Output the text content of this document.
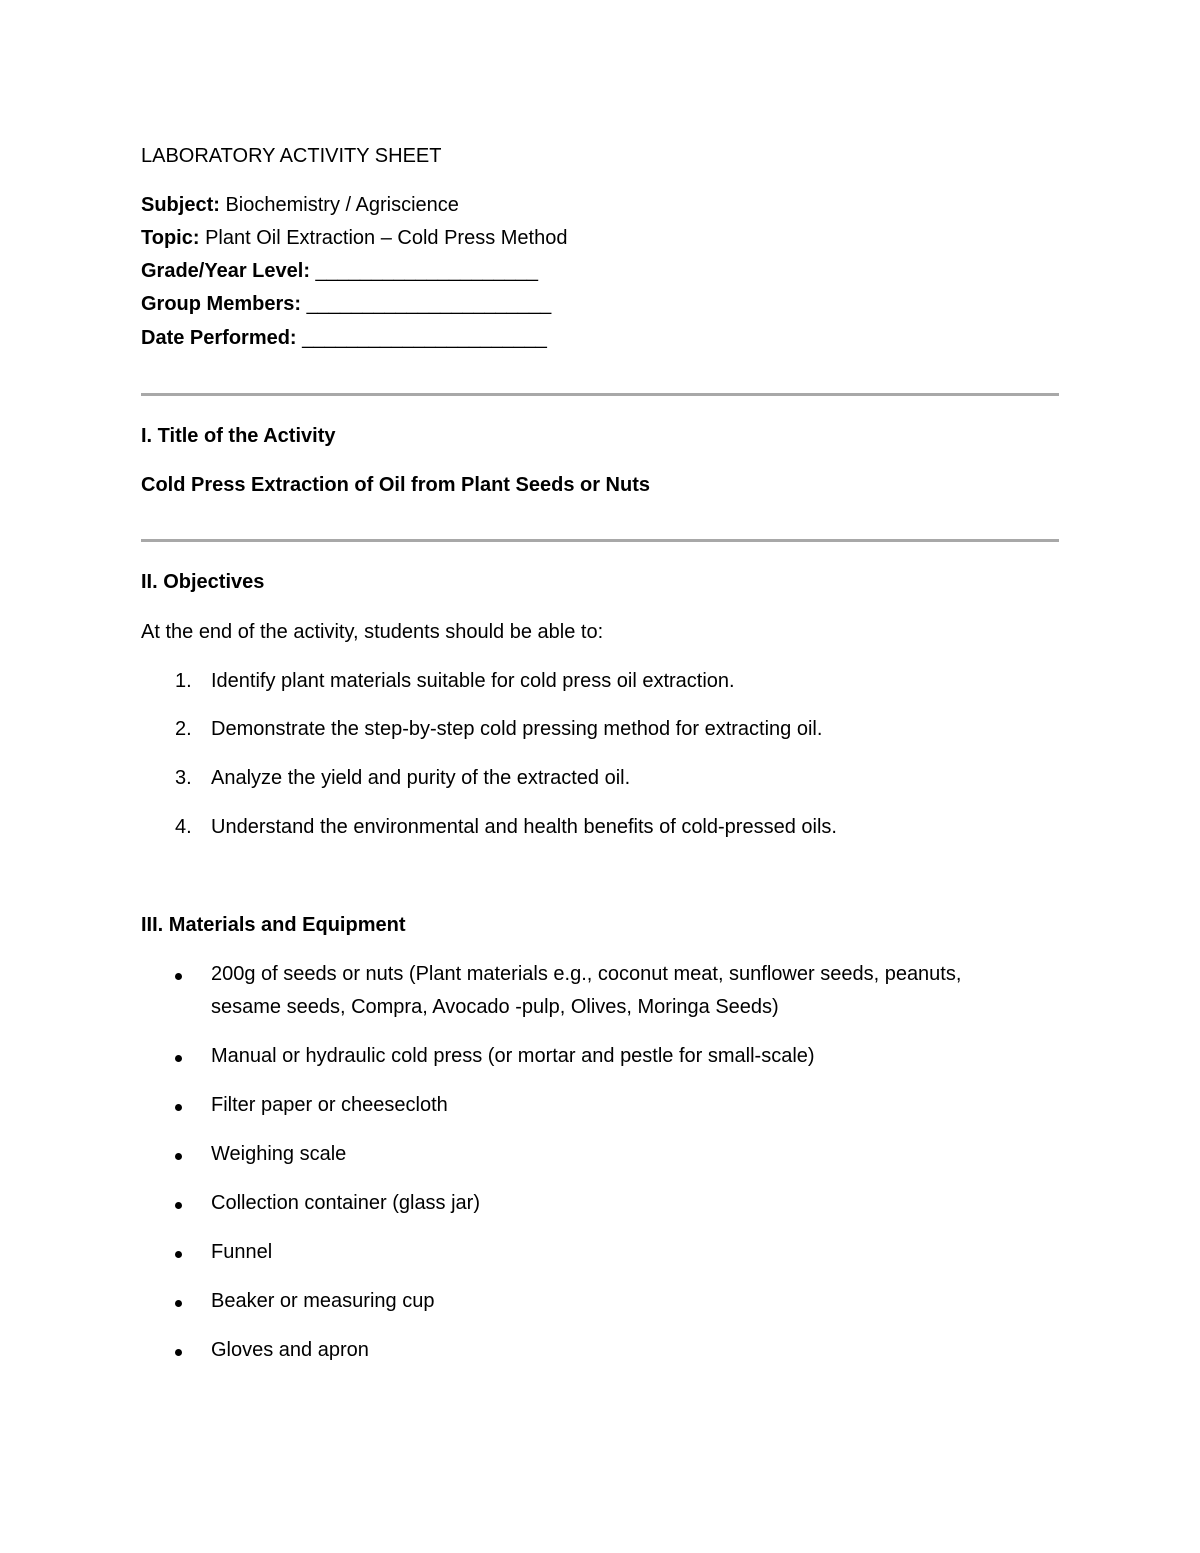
LABORATORY ACTIVITY SHEET
Subject: Biochemistry / Agriscience
Topic: Plant Oil Extraction – Cold Press Method
Grade/Year Level: ____________________
Group Members: ______________________
Date Performed: ______________________
I. Title of the Activity
Cold Press Extraction of Oil from Plant Seeds or Nuts
II. Objectives
At the end of the activity, students should be able to:
1. Identify plant materials suitable for cold press oil extraction.
2. Demonstrate the step-by-step cold pressing method for extracting oil.
3. Analyze the yield and purity of the extracted oil.
4. Understand the environmental and health benefits of cold-pressed oils.
III. Materials and Equipment
200g of seeds or nuts (Plant materials e.g., coconut meat, sunflower seeds, peanuts,
sesame seeds, Compra, Avocado -pulp, Olives, Moringa Seeds)
Manual or hydraulic cold press (or mortar and pestle for small-scale)
Filter paper or cheesecloth
Weighing scale
Collection container (glass jar)
Funnel
Beaker or measuring cup
Gloves and apron
